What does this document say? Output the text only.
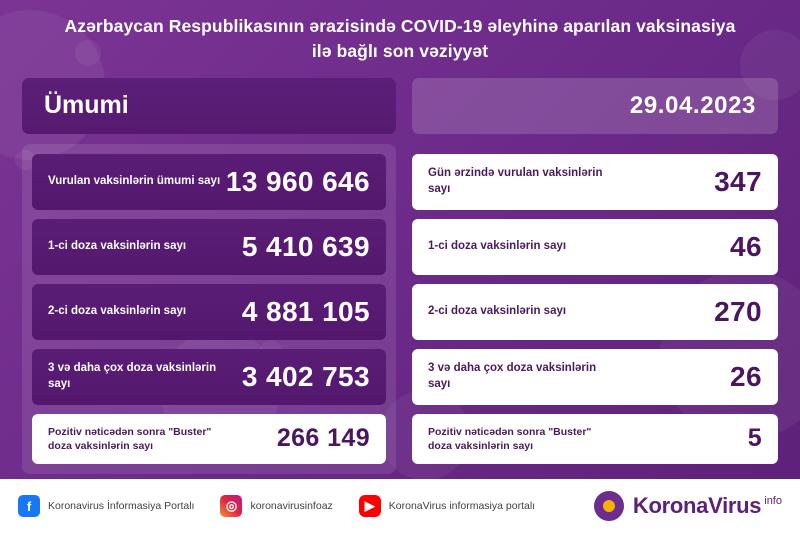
Azərbaycan Respublikasının ərazisində COVID-19 əleyhinə aparılan vaksinasiya ilə bağlı son vəziyyət
Ümumi
Vurulan vaksinlərin ümumi sayı 13 960 646
1-ci doza vaksinlərin sayı 5 410 639
2-ci doza vaksinlərin sayı 4 881 105
3 və daha çox doza vaksinlərin sayı	3 402 753
Pozitiv nəticədən sonra "Buster" doza vaksinlərin sayı	266 149
29.04.2023
Gün ərzində vurulan vaksinlərin sayı	347
1-ci doza vaksinlərin sayı	46
2-ci doza vaksinlərin sayı	270
3 və daha çox doza vaksinlərin sayı	26
Pozitiv nəticədən sonra "Buster" doza vaksinlərin sayı	5
f	Koronavirus İnformasiya Portalı	◎	koronavirusinfoaz	▶	KoronaVirus informasiya portalı	KoronaVirus info
